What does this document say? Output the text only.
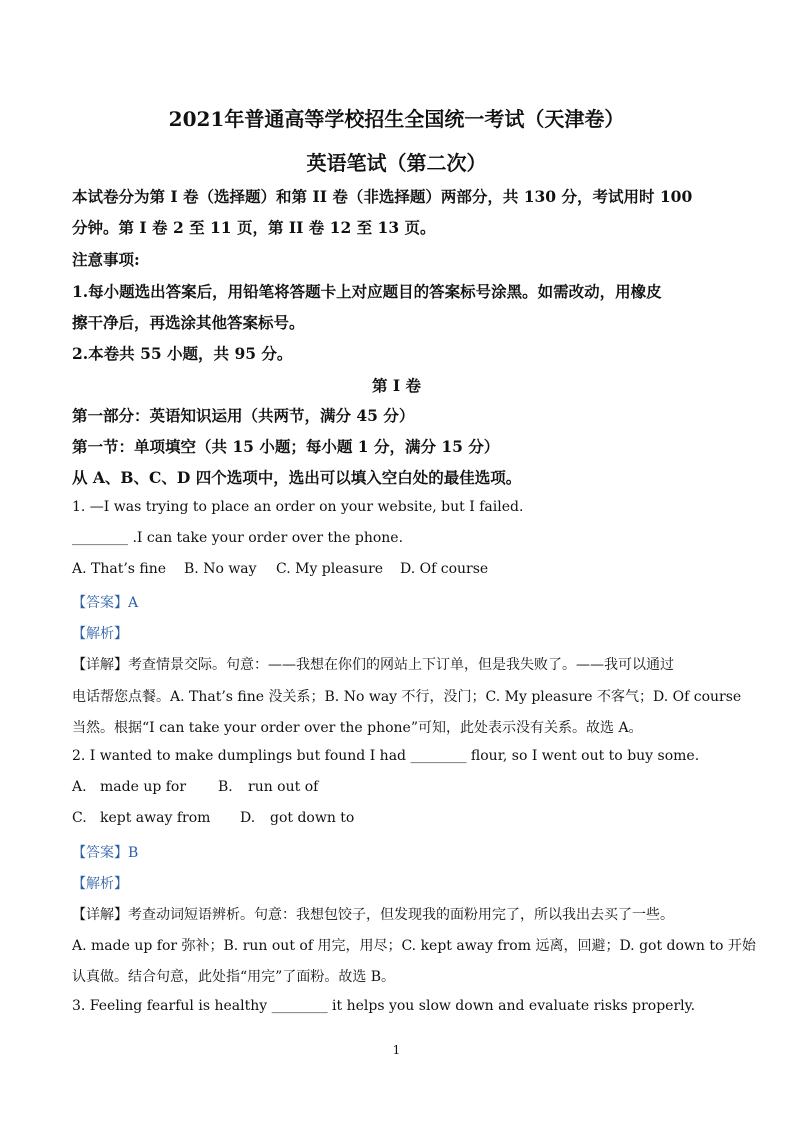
2021年普通高等学校招生全国统一考试（天津卷）
英语笔试（第二次）
本试卷分为第 I 卷（选择题）和第 II 卷（非选择题）两部分，共 130 分，考试用时 100
分钟。第 I 卷 2 至 11 页，第 II 卷 12 至 13 页。
注意事项:
1.每小题选出答案后，用铅笔将答题卡上对应题目的答案标号涂黑。如需改动，用橡皮
擦干净后，再选涂其他答案标号。
2.本卷共 55 小题，共 95 分。
第 I 卷
第一部分：英语知识运用（共两节，满分 45 分）
第一节：单项填空（共 15 小题；每小题 1 分，满分 15 分）
从 A、B、C、D 四个选项中，选出可以填入空白处的最佳选项。
1. —I was trying to place an order on your website, but I failed.
________ .I can take your order over the phone.
A. That’s fine B. No way C. My pleasure D. Of course
【答案】A
【解析】
【详解】考查情景交际。句意：——我想在你们的网站上下订单，但是我失败了。——我可以通过
电话帮您点餐。A. That’s fine 没关系；B. No way 不行，没门；C. My pleasure 不客气；D. Of course
当然。根据“I can take your order over the phone”可知，此处表示没有关系。故选 A。
2. I wanted to make dumplings but found I had ________ flour, so I went out to buy some.
A. made up for B. run out of
C. kept away from D. got down to
【答案】B
【解析】
【详解】考查动词短语辨析。句意：我想包饺子，但发现我的面粉用完了，所以我出去买了一些。
A. made up for 弥补；B. run out of 用完，用尽；C. kept away from 远离，回避；D. got down to 开始
认真做。结合句意，此处指“用完”了面粉。故选 B。
3. Feeling fearful is healthy ________ it helps you slow down and evaluate risks properly.
1
